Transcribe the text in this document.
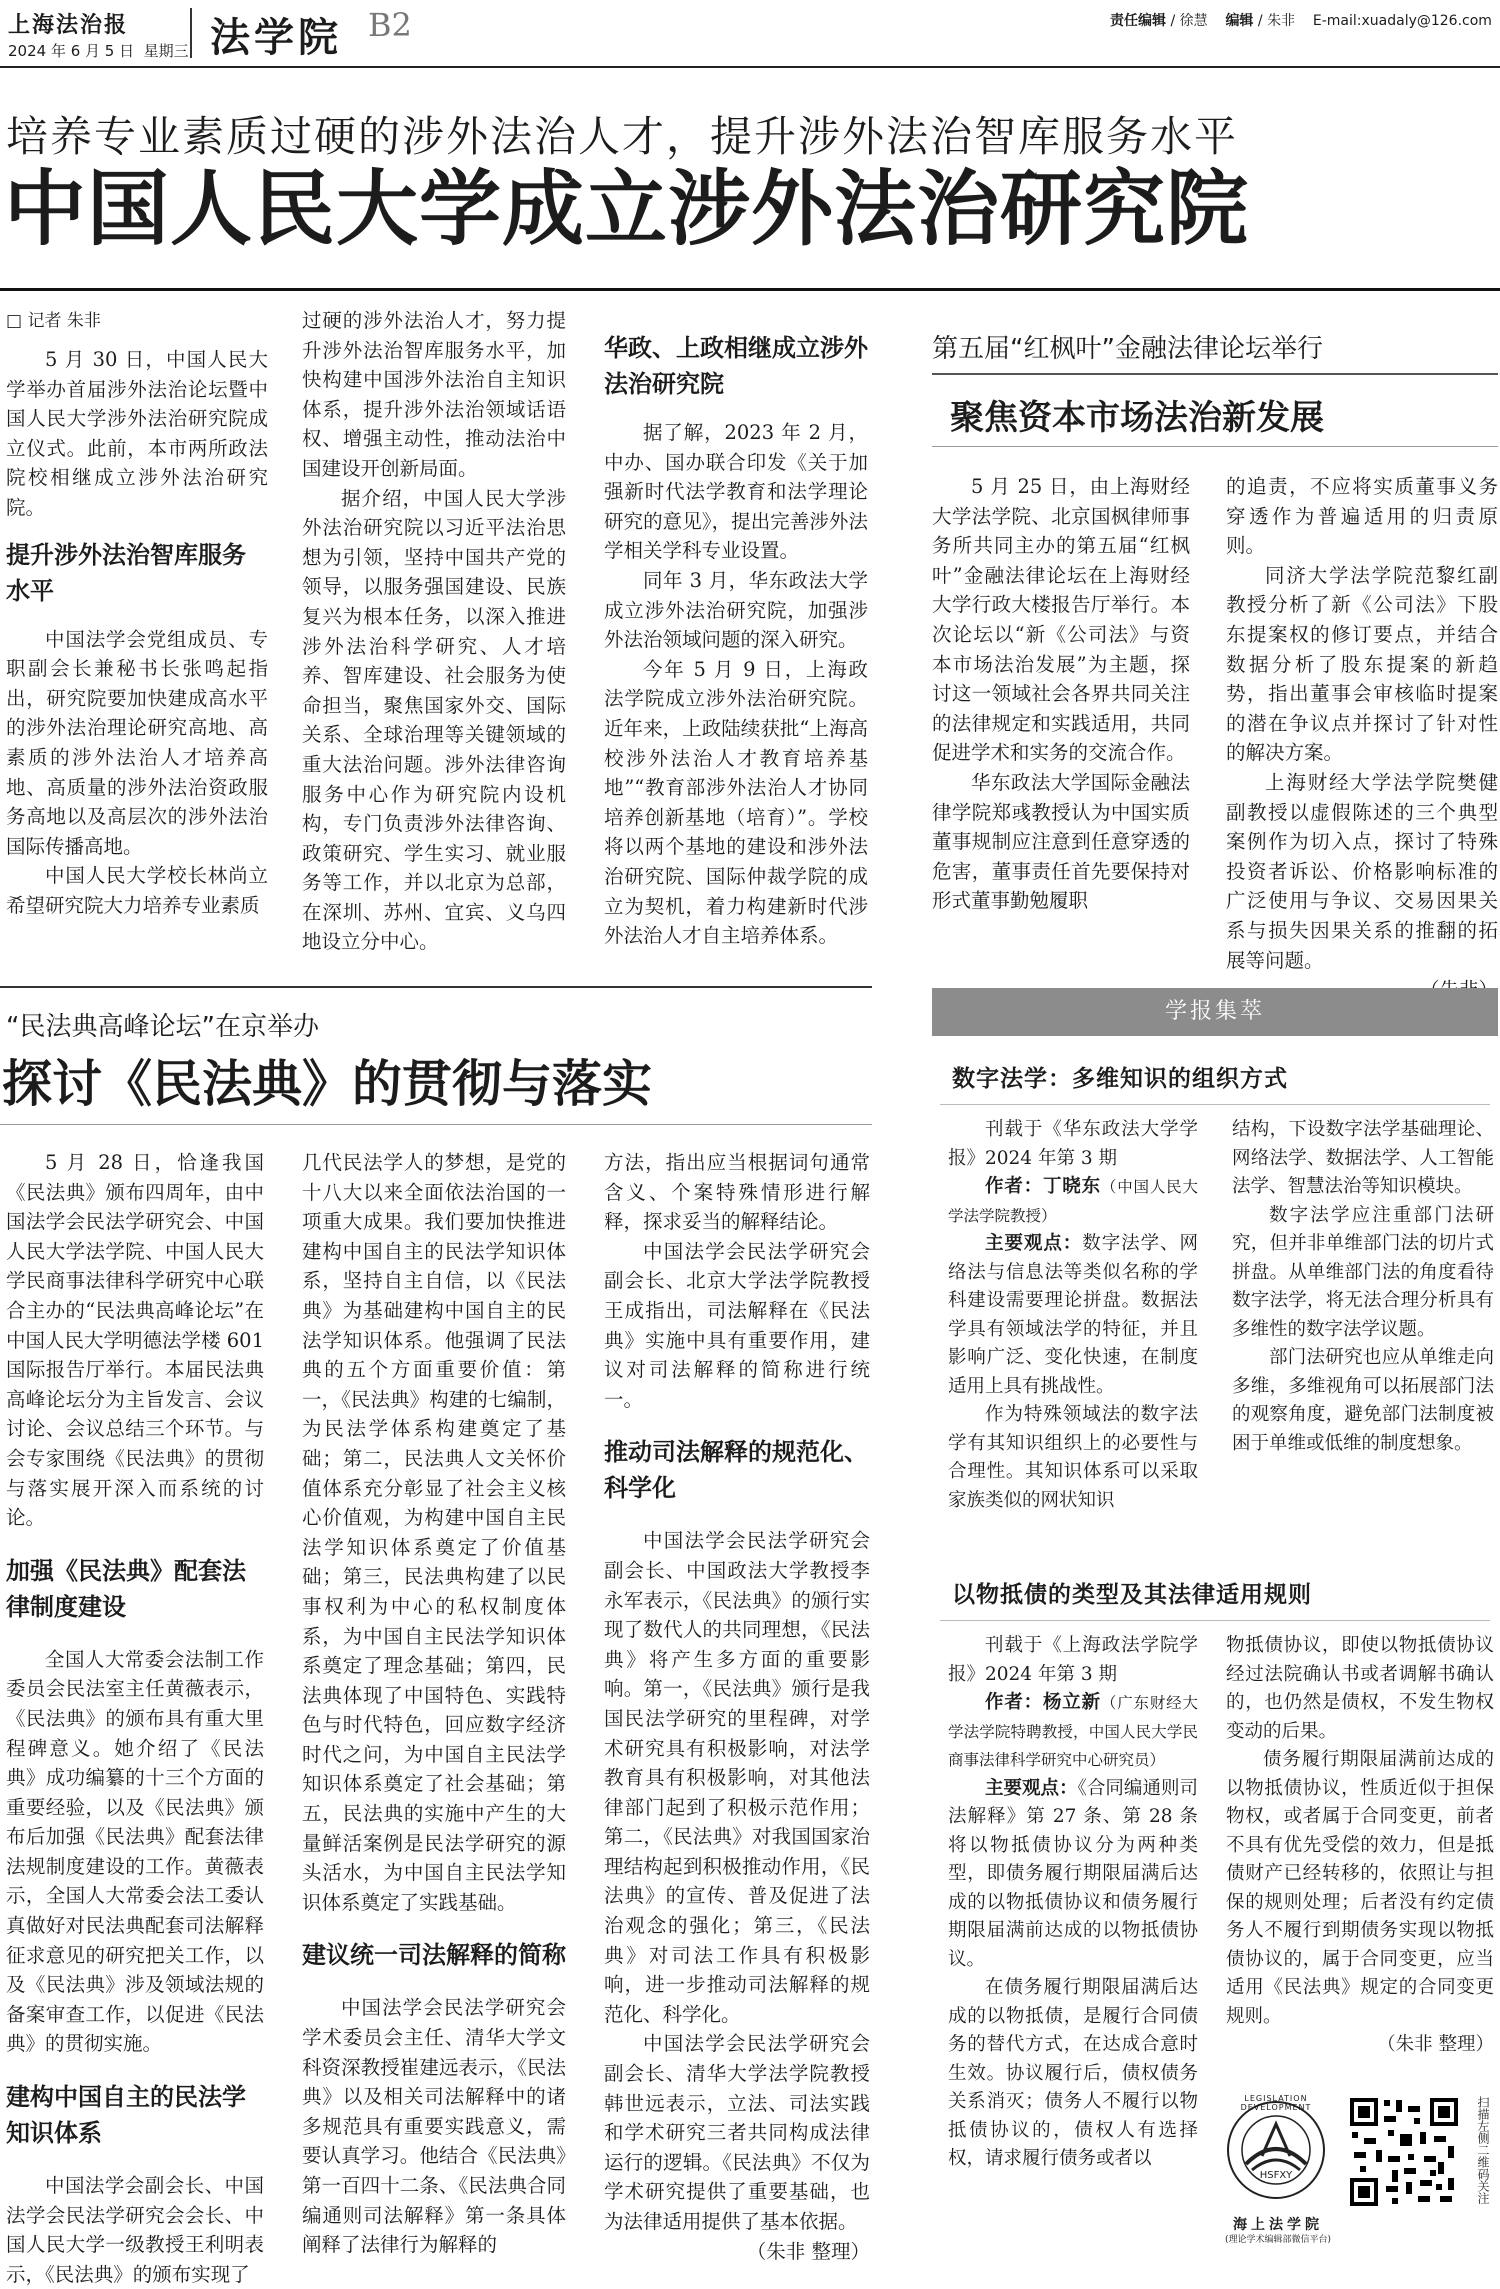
上海法治报
2024 年 6 月 5 日 星期三 法学院 B2	责任编辑 / 徐慧 编辑 / 朱非 E-mail:xuadaly@126.com
培养专业素质过硬的涉外法治人才，提升涉外法治智库服务水平
中国人民大学成立涉外法治研究院
□ 记者 朱非

5 月 30 日，中国人民大学举办首届涉外法治论坛暨中国人民大学涉外法治研究院成立仪式。此前，本市两所政法院校相继成立涉外法治研究院。

提升涉外法治智库服务水平

中国法学会党组成员、专职副会长兼秘书长张鸣起指出，研究院要加快建成高水平的涉外法治理论研究高地、高素质的涉外法治人才培养高地、高质量的涉外法治资政服务高地以及高层次的涉外法治国际传播高地。

中国人民大学校长林尚立希望研究院大力培养专业素质

过硬的涉外法治人才，努力提升涉外法治智库服务水平，加快构建中国涉外法治自主知识体系，提升涉外法治领域话语权、增强主动性，推动法治中国建设开创新局面。

据介绍，中国人民大学涉外法治研究院以习近平法治思想为引领，坚持中国共产党的领导，以服务强国建设、民族复兴为根本任务，以深入推进涉外法治科学研究、人才培养、智库建设、社会服务为使命担当，聚焦国家外交、国际关系、全球治理等关键领域的重大法治问题。涉外法律咨询服务中心作为研究院内设机构，专门负责涉外法律咨询、政策研究、学生实习、就业服务等工作，并以北京为总部，在深圳、苏州、宜宾、义乌四地设立分中心。

华政、上政相继成立涉外法治研究院

据了解，2023 年 2 月，中办、国办联合印发《关于加强新时代法学教育和法学理论研究的意见》，提出完善涉外法学相关学科专业设置。

同年 3 月，华东政法大学成立涉外法治研究院，加强涉外法治领域问题的深入研究。

今年 5 月 9 日，上海政法学院成立涉外法治研究院。近年来，上政陆续获批“上海高校涉外法治人才教育培养基地”“教育部涉外法治人才协同培养创新基地（培育）”。学校将以两个基地的建设和涉外法治研究院、国际仲裁学院的成立为契机，着力构建新时代涉外法治人才自主培养体系。

第五届“红枫叶”金融法律论坛举行
聚焦资本市场法治新发展

5 月 25 日，由上海财经大学法学院、北京国枫律师事务所共同主办的第五届“红枫叶”金融法律论坛在上海财经大学行政大楼报告厅举行。本次论坛以“新《公司法》与资本市场法治发展”为主题，探讨这一领域社会各界共同关注的法律规定和实践适用，共同促进学术和实务的交流合作。

华东政法大学国际金融法律学院郑彧教授认为中国实质董事规制应注意到任意穿透的危害，董事责任首先要保持对形式董事勤勉履职

的追责，不应将实质董事义务穿透作为普遍适用的归责原则。

同济大学法学院范黎红副教授分析了新《公司法》下股东提案权的修订要点，并结合数据分析了股东提案的新趋势，指出董事会审核临时提案的潜在争议点并探讨了针对性的解决方案。

上海财经大学法学院樊健副教授以虚假陈述的三个典型案例作为切入点，探讨了特殊投资者诉讼、价格影响标准的广泛使用与争议、交易因果关系与损失因果关系的推翻的拓展等问题。

“民法典高峰论坛”在京举办
探讨《民法典》的贯彻与落实

5 月 28 日，恰逢我国《民法典》颁布四周年，由中国法学会民法学研究会、中国人民大学法学院、中国人民大学民商事法律科学研究中心联合主办的“民法典高峰论坛”在中国人民大学明德法学楼 601 国际报告厅举行。本届民法典高峰论坛分为主旨发言、会议讨论、会议总结三个环节。与会专家围绕《民法典》的贯彻与落实展开深入而系统的讨论。

加强《民法典》配套法律制度建设

全国人大常委会法制工作委员会民法室主任黄薇表示，《民法典》的颁布具有重大里程碑意义。她介绍了《民法典》成功编纂的十三个方面的重要经验，以及《民法典》颁布后加强《民法典》配套法律法规制度建设的工作。黄薇表示，全国人大常委会法工委认真做好对民法典配套司法解释征求意见的研究把关工作，以及《民法典》涉及领域法规的备案审查工作，以促进《民法典》的贯彻实施。

建构中国自主的民法学知识体系

中国法学会副会长、中国法学会民法学研究会会长、中国人民大学一级教授王利明表示，《民法典》的颁布实现了

几代民法学人的梦想，是党的十八大以来全面依法治国的一项重大成果。我们要加快推进建构中国自主的民法学知识体系，坚持自主自信，以《民法典》为基础建构中国自主的民法学知识体系。他强调了民法典的五个方面重要价值：第一，《民法典》构建的七编制，为民法学体系构建奠定了基础；第二，民法典人文关怀价值体系充分彰显了社会主义核心价值观，为构建中国自主民法学知识体系奠定了价值基础；第三，民法典构建了以民事权利为中心的私权制度体系，为中国自主民法学知识体系奠定了理念基础；第四，民法典体现了中国特色、实践特色与时代特色，回应数字经济时代之问，为中国自主民法学知识体系奠定了社会基础；第五，民法典的实施中产生的大量鲜活案例是民法学研究的源头活水，为中国自主民法学知识体系奠定了实践基础。

建议统一司法解释的简称

中国法学会民法学研究会学术委员会主任、清华大学文科资深教授崔建远表示，《民法典》以及相关司法解释中的诸多规范具有重要实践意义，需要认真学习。他结合《民法典》第一百四十二条、《民法典合同编通则司法解释》第一条具体阐释了法律行为解释的

方法，指出应当根据词句通常含义、个案特殊情形进行解释，探求妥当的解释结论。

中国法学会民法学研究会副会长、北京大学法学院教授王成指出，司法解释在《民法典》实施中具有重要作用，建议对司法解释的简称进行统一。

推动司法解释的规范化、科学化

中国法学会民法学研究会副会长、中国政法大学教授李永军表示，《民法典》的颁行实现了数代人的共同理想，《民法典》将产生多方面的重要影响。第一，《民法典》颁行是我国民法学研究的里程碑，对学术研究具有积极影响，对法学教育具有积极影响，对其他法律部门起到了积极示范作用；第二，《民法典》对我国国家治理结构起到积极推动作用，《民法典》的宣传、普及促进了法治观念的强化；第三，《民法典》对司法工作具有积极影响，进一步推动司法解释的规范化、科学化。

中国法学会民法学研究会副会长、清华大学法学院教授韩世远表示，立法、司法实践和学术研究三者共同构成法律运行的逻辑。《民法典》不仅为学术研究提供了重要基础，也为法律适用提供了基本依据。

（朱非 整理）
学报集萃
数字法学：多维知识的组织方式

刊载于《华东政法大学学报》2024 年第 3 期

作者：丁晓东（中国人民大学法学院教授）

主要观点：数字法学、网络法与信息法等类似名称的学科建设需要理论拼盘。数据法学具有领域法学的特征，并且影响广泛、变化快速，在制度适用上具有挑战性。

作为特殊领域法的数字法学有其知识组织上的必要性与合理性。其知识体系可以采取家族类似的网状知识

结构，下设数字法学基础理论、网络法学、数据法学、人工智能法学、智慧法治等知识模块。

数字法学应注重部门法研究，但并非单维部门法的切片式拼盘。从单维部门法的角度看待数字法学，将无法合理分析具有多维性的数字法学议题。

部门法研究也应从单维走向多维，多维视角可以拓展部门法的观察角度，避免部门法制度被困于单维或低维的制度想象。

以物抵债的类型及其法律适用规则

刊载于《上海政法学院学报》2024 年第 3 期

作者：杨立新（广东财经大学法学院特聘教授，中国人民大学民商事法律科学研究中心研究员）

主要观点：《合同编通则司法解释》第 27 条、第 28 条将以物抵债协议分为两种类型，即债务履行期限届满后达成的以物抵债协议和债务履行期限届满前达成的以物抵债协议。

在债务履行期限届满后达成的以物抵债，是履行合同债务的替代方式，在达成合意时生效。协议履行后，债权债务关系消灭；债务人不履行以物抵债协议的，债权人有选择权，请求履行债务或者以

物抵债协议，即使以物抵债协议经过法院确认书或者调解书确认的，也仍然是债权，不发生物权变动的后果。

债务履行期限届满前达成的以物抵债协议，性质近似于担保物权，或者属于合同变更，前者不具有优先受偿的效力，但是抵债财产已经转移的，依照让与担保的规则处理；后者没有约定债务人不履行到期债务实现以物抵债协议的，属于合同变更，应当适用《民法典》规定的合同变更规则。

（朱非 整理）
LEGISLATION DEVELOPMENT
HSFXY
海上法学院
(理论学术编辑部微信平台)
扫描左侧二维码关注
